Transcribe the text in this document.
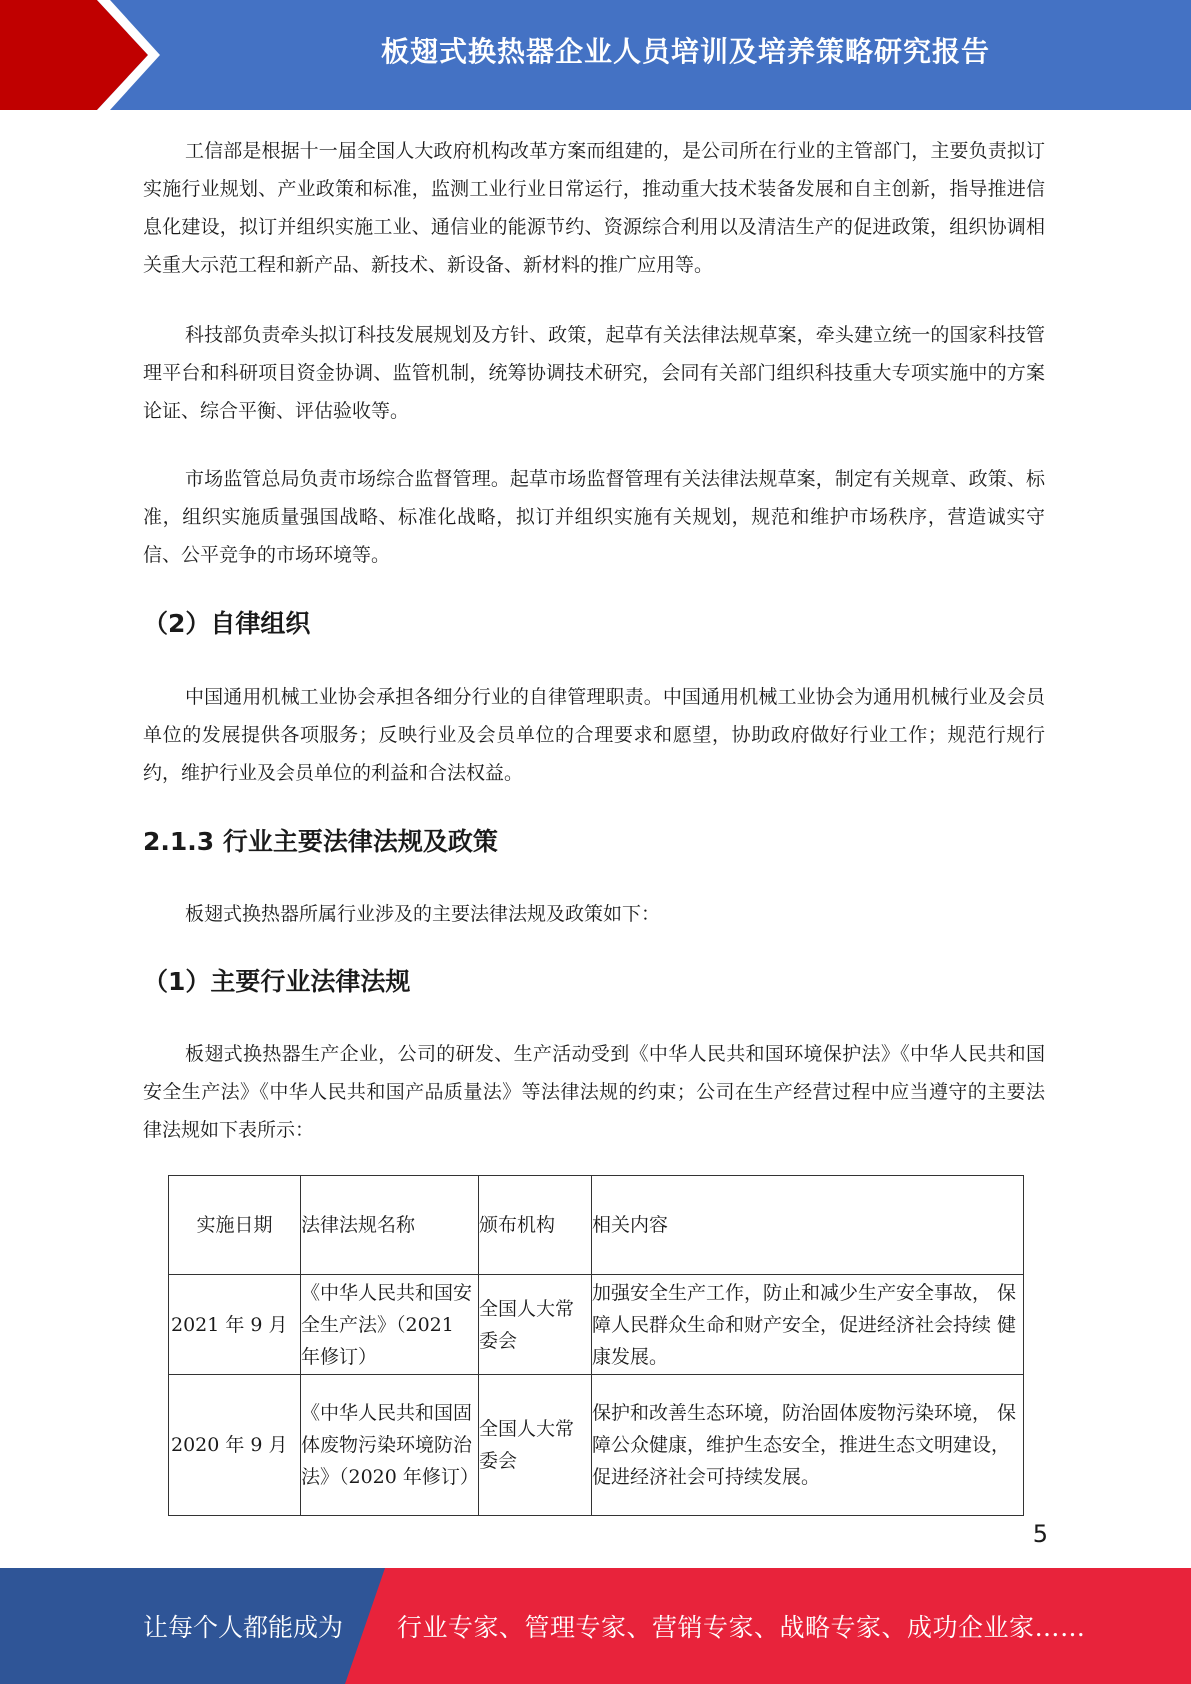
板翅式换热器企业人员培训及培养策略研究报告

工信部是根据十一届全国人大政府机构改革方案而组建的，是公司所在行业的主管部门，主要负责拟订实施行业规划、产业政策和标准，监测工业行业日常运行，推动重大技术装备发展和自主创新，指导推进信息化建设，拟订并组织实施工业、通信业的能源节约、资源综合利用以及清洁生产的促进政策，组织协调相关重大示范工程和新产品、新技术、新设备、新材料的推广应用等。

科技部负责牵头拟订科技发展规划及方针、政策，起草有关法律法规草案，牵头建立统一的国家科技管理平台和科研项目资金协调、监管机制，统筹协调技术研究，会同有关部门组织科技重大专项实施中的方案论证、综合平衡、评估验收等。

市场监管总局负责市场综合监督管理。起草市场监督管理有关法律法规草案，制定有关规章、政策、标准，组织实施质量强国战略、标准化战略，拟订并组织实施有关规划，规范和维护市场秩序，营造诚实守信、公平竞争的市场环境等。

（2）自律组织

中国通用机械工业协会承担各细分行业的自律管理职责。中国通用机械工业协会为通用机械行业及会员单位的发展提供各项服务；反映行业及会员单位的合理要求和愿望，协助政府做好行业工作；规范行规行约，维护行业及会员单位的利益和合法权益。

2.1.3 行业主要法律法规及政策

板翅式换热器所属行业涉及的主要法律法规及政策如下：

（1）主要行业法律法规

板翅式换热器生产企业，公司的研发、生产活动受到《中华人民共和国环境保护法》《中华人民共和国安全生产法》《中华人民共和国产品质量法》等法律法规的约束；公司在生产经营过程中应当遵守的主要法律法规如下表所示：

实施日期	法律法规名称	颁布机构	相关内容
2021 年 9 月	《中华人民共和国安全生产法》（2021 年修订）	全国人大常委会	加强安全生产工作，防止和减少生产安全事故， 保障人民群众生命和财产安全，促进经济社会持续 健康发展。
2020 年 9 月	《中华人民共和国固体废物污染环境防治法》（2020 年修订）	全国人大常委会	保护和改善生态环境，防治固体废物污染环境， 保障公众健康，维护生态安全，推进生态文明建设， 促进经济社会可持续发展。
5
让每个人都能成为 行业专家、管理专家、营销专家、战略专家、成功企业家……
